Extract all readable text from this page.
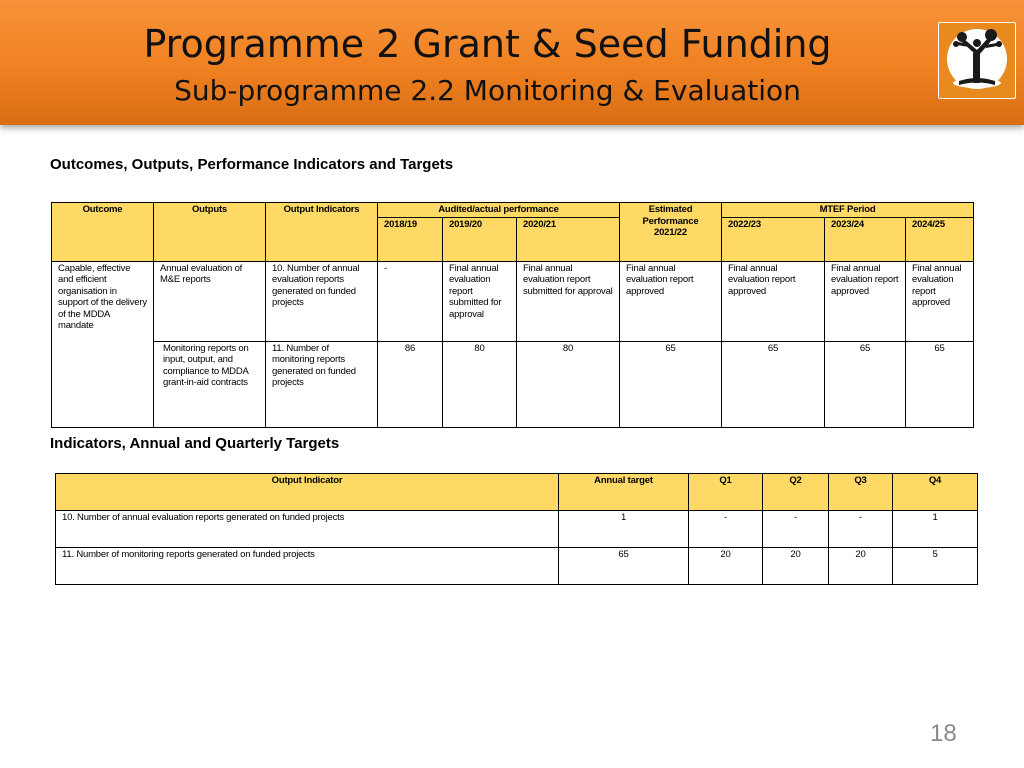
Programme 2 Grant & Seed Funding
Sub-programme 2.2 Monitoring & Evaluation
Outcomes, Outputs, Performance Indicators and Targets
Outcome	Outputs	Output Indicators	Audited/actual performance			Estimated Performance 2021/22	MTEF Period		
			2018/19	2019/20	2020/21		2022/23	2023/24	2024/25
Capable, effective and efficient organisation in support of the delivery of the MDDA mandate	Annual evaluation of M&E reports	10. Number of annual evaluation reports generated on funded projects	-	Final annual evaluation report submitted for approval	Final annual evaluation report submitted for approval	Final annual evaluation report approved	Final annual evaluation report approved	Final annual evaluation report approved	Final annual evaluation report approved
	Monitoring reports on input, output, and compliance to MDDA grant-in-aid contracts	11. Number of monitoring reports generated on funded projects	86	80	80	65	65	65	65
Indicators, Annual and Quarterly Targets
Output Indicator	Annual target	Q1	Q2	Q3	Q4
10. Number of annual evaluation reports generated on funded projects	1	-	-	-	1
11. Number of monitoring reports generated on funded projects	65	20	20	20	5
18
